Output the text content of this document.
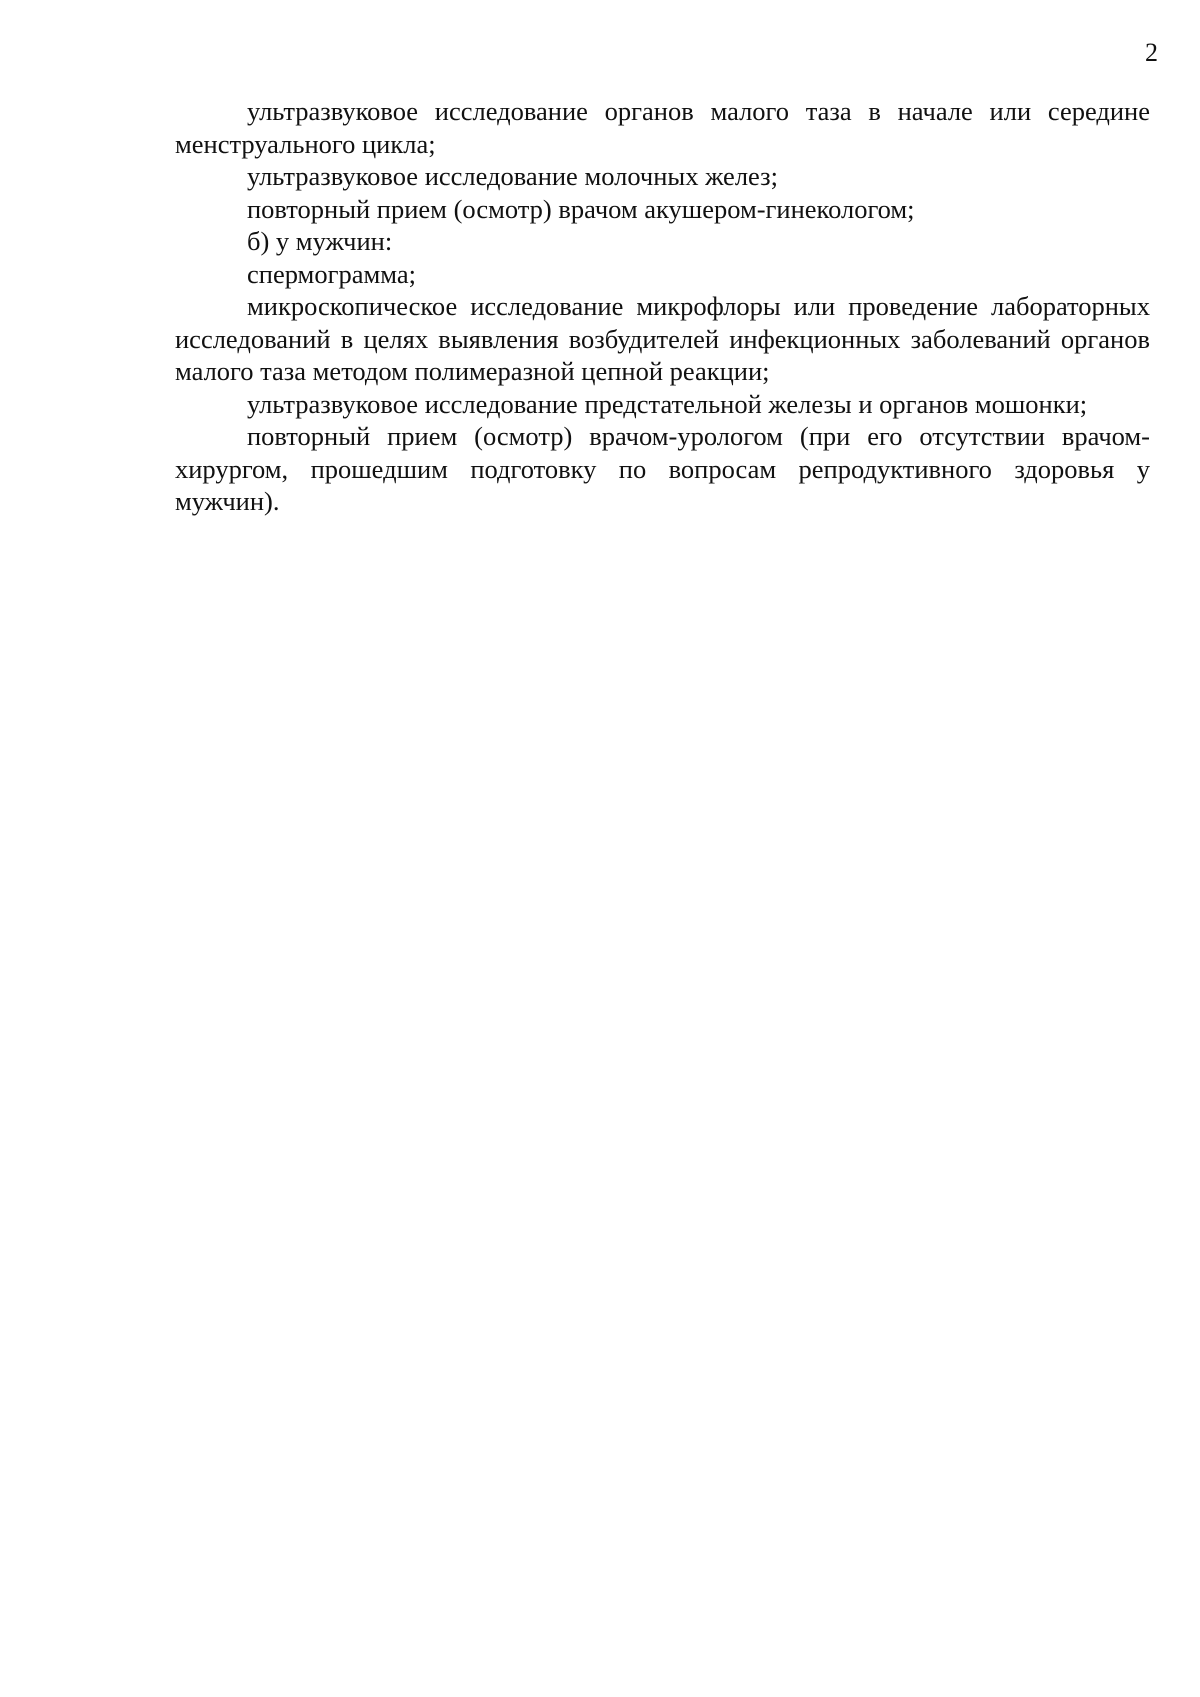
2

ультразвуковое исследование органов малого таза в начале или середине менструального цикла;

ультразвуковое исследование молочных желез;

повторный прием (осмотр) врачом акушером-гинекологом;

б) у мужчин:

спермограмма;

микроскопическое исследование микрофлоры или проведение лабораторных исследований в целях выявления возбудителей инфекционных заболеваний органов малого таза методом полимеразной цепной реакции;

ультразвуковое исследование предстательной железы и органов мошонки;

повторный прием (осмотр) врачом-урологом (при его отсутствии врачом-хирургом, прошедшим подготовку по вопросам репродуктивного здоровья у мужчин).
